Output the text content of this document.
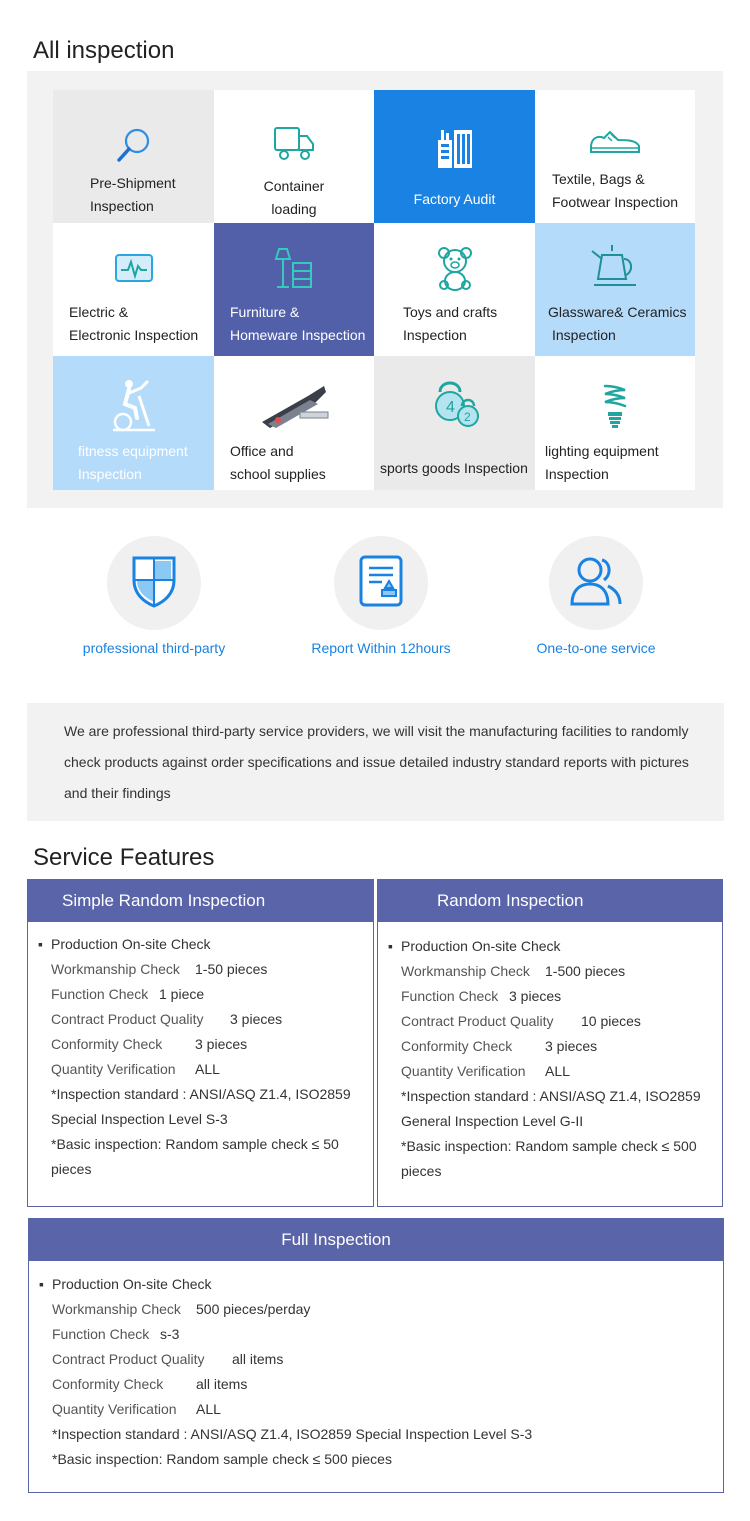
All inspection
Pre-Shipment
Inspection
Container loading
Factory Audit
Textile, Bags &
Footwear Inspection
Electric &
Electronic Inspection
Furniture &
Homeware Inspection
Toys and crafts
Inspection
Glassware& Ceramics
Inspection
fitness equipment
Inspection
Office and
school supplies
4
2
sports goods Inspection
lighting equipment
Inspection
professional third-party	Report Within 12hours	One-to-one service

We are professional third-party service providers, we will visit the manufacturing facilities to randomly check products against order specifications and issue detailed industry standard reports with pictures and their findings

Service Features
Simple Random Inspection
▪ Production On-site Check
Workmanship Check 1-50 pieces
Function Check 1 piece
Contract Product Quality 3 pieces
Conformity Check 3 pieces
Quantity Verification ALL
*Inspection standard : ANSI/ASQ Z1.4, ISO2859
Special Inspection Level S-3
*Basic inspection: Random sample check ≤ 50
pieces
Random Inspection
▪ Production On-site Check
Workmanship Check 1-500 pieces
Function Check 3 pieces
Contract Product Quality 10 pieces
Conformity Check 3 pieces
Quantity Verification ALL
*Inspection standard : ANSI/ASQ Z1.4, ISO2859
General Inspection Level G-II
*Basic inspection: Random sample check ≤ 500
pieces
Full Inspection
▪ Production On-site Check
Workmanship Check 500 pieces/perday
Function Check s-3
Contract Product Quality all items
Conformity Check all items
Quantity Verification ALL
*Inspection standard : ANSI/ASQ Z1.4, ISO2859 Special Inspection Level S-3
*Basic inspection: Random sample check ≤ 500 pieces
